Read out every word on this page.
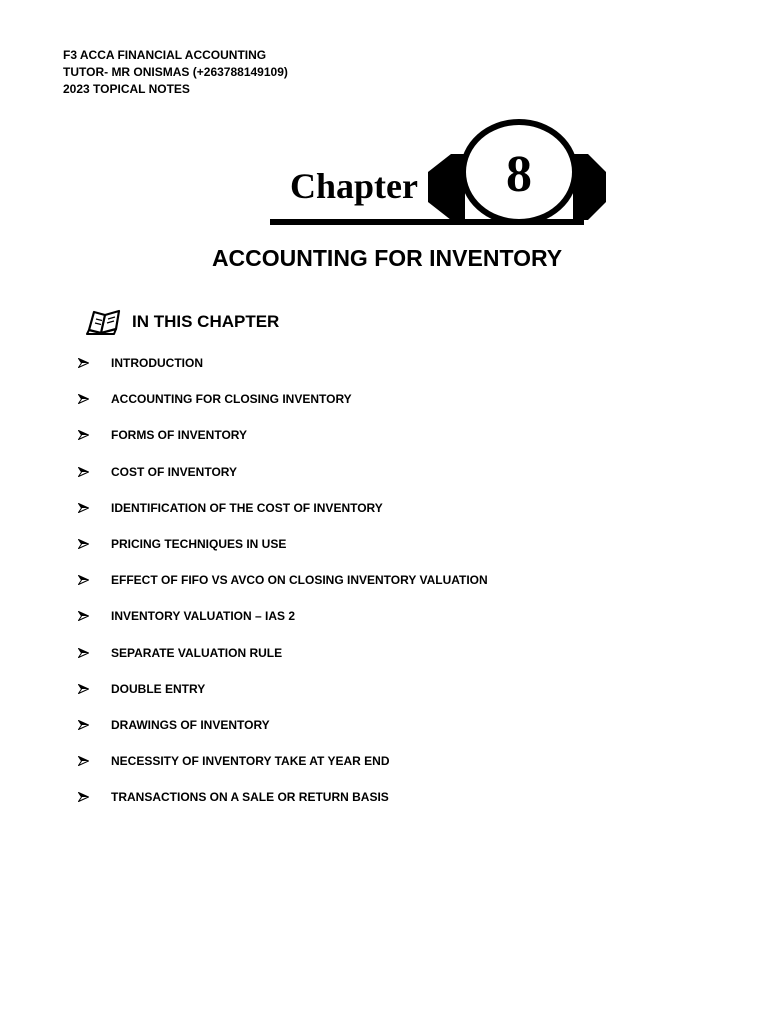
F3 ACCA FINANCIAL ACCOUNTING
TUTOR- MR ONISMAS (+263788149109)
2023 TOPICAL NOTES
Chapter	8
ACCOUNTING FOR INVENTORY
IN THIS CHAPTER
INTRODUCTION
ACCOUNTING FOR CLOSING INVENTORY
FORMS OF INVENTORY
COST OF INVENTORY
IDENTIFICATION OF THE COST OF INVENTORY
PRICING TECHNIQUES IN USE
EFFECT OF FIFO VS AVCO ON CLOSING INVENTORY VALUATION
INVENTORY VALUATION – IAS 2
SEPARATE VALUATION RULE
DOUBLE ENTRY
DRAWINGS OF INVENTORY
NECESSITY OF INVENTORY TAKE AT YEAR END
TRANSACTIONS ON A SALE OR RETURN BASIS
